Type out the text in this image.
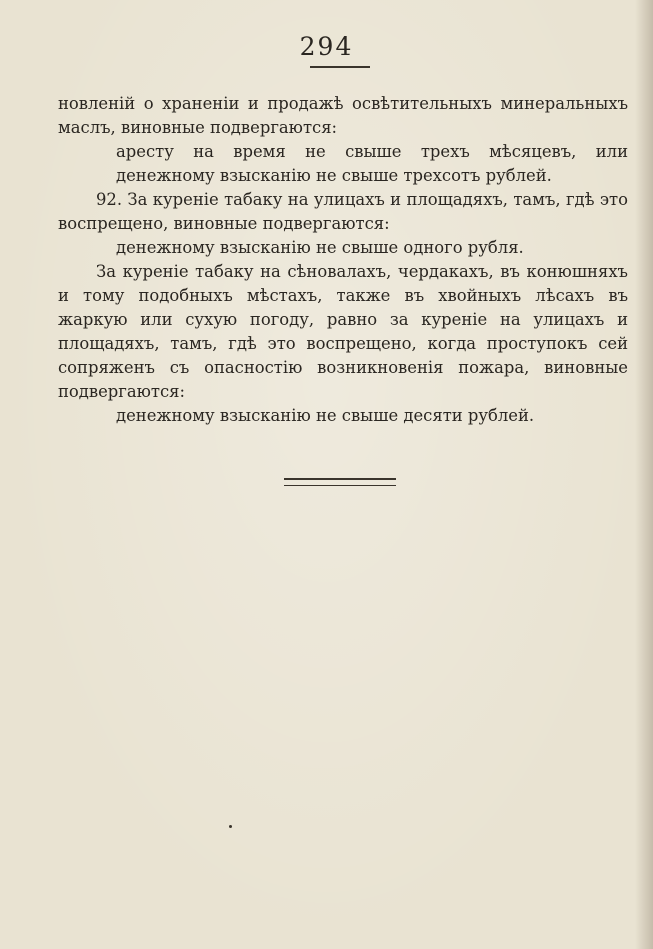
294

новленій о храненіи и продажѣ освѣтительныхъ минеральныхъ маслъ, виновные подвергаются:

аресту на время не свыше трехъ мѣсяцевъ, или денежному взысканію не свыше трехсотъ рублей.

92. За куреніе табаку на улицахъ и площадяхъ, тамъ, гдѣ это воспрещено, виновные подвергаются:

денежному взысканію не свыше одного рубля.

За куреніе табаку на сѣновалахъ, чердакахъ, въ конюшняхъ и тому подобныхъ мѣстахъ, также въ хвойныхъ лѣсахъ въ жаркую или сухую погоду, равно за куреніе на улицахъ и площадяхъ, тамъ, гдѣ это воспрещено, когда проступокъ сей сопряженъ съ опасностію возникновенія пожара, виновные подвергаются:

денежному взысканію не свыше десяти рублей.
